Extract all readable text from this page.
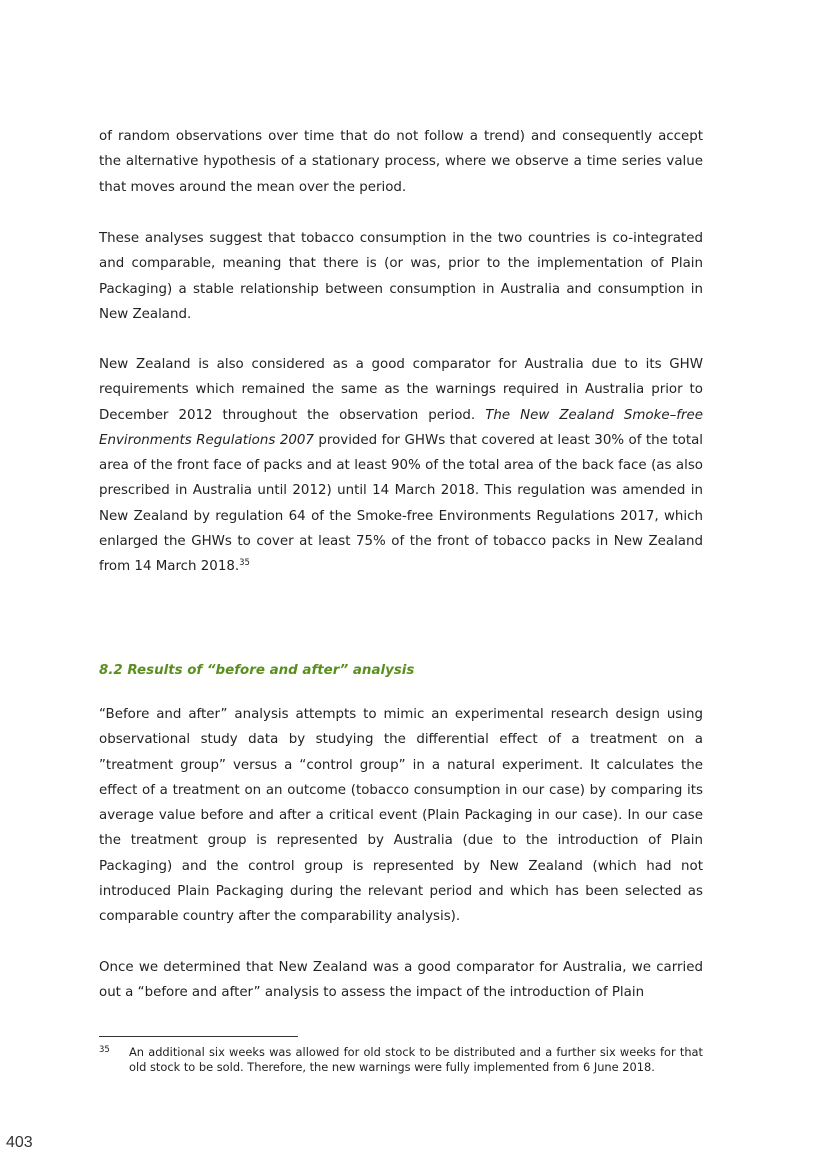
of random observations over time that do not follow a trend) and consequently accept the alternative hypothesis of a stationary process, where we observe a time series value that moves around the mean over the period.

These analyses suggest that tobacco consumption in the two countries is co-integrated and comparable, meaning that there is (or was, prior to the implementation of Plain Packaging) a stable relationship between consumption in Australia and consumption in New Zealand.

New Zealand is also considered as a good comparator for Australia due to its GHW requirements which remained the same as the warnings required in Australia prior to December 2012 throughout the observation period. The New Zealand Smoke–free Environments Regulations 2007 provided for GHWs that covered at least 30% of the total area of the front face of packs and at least 90% of the total area of the back face (as also prescribed in Australia until 2012) until 14 March 2018. This regulation was amended in New Zealand by regulation 64 of the Smoke-free Environments Regulations 2017, which enlarged the GHWs to cover at least 75% of the front of tobacco packs in New Zealand from 14 March 2018.35

8.2 Results of “before and after” analysis

“Before and after” analysis attempts to mimic an experimental research design using observational study data by studying the differential effect of a treatment on a ”treatment group” versus a “control group” in a natural experiment. It calculates the effect of a treatment on an outcome (tobacco consumption in our case) by comparing its average value before and after a critical event (Plain Packaging in our case). In our case the treatment group is represented by Australia (due to the introduction of Plain Packaging) and the control group is represented by New Zealand (which had not introduced Plain Packaging during the relevant period and which has been selected as comparable country after the comparability analysis).

Once we determined that New Zealand was a good comparator for Australia, we carried out a “before and after” analysis to assess the impact of the introduction of Plain

35 An additional six weeks was allowed for old stock to be distributed and a further six weeks for that old stock to be sold. Therefore, the new warnings were fully implemented from 6 June 2018.
403
